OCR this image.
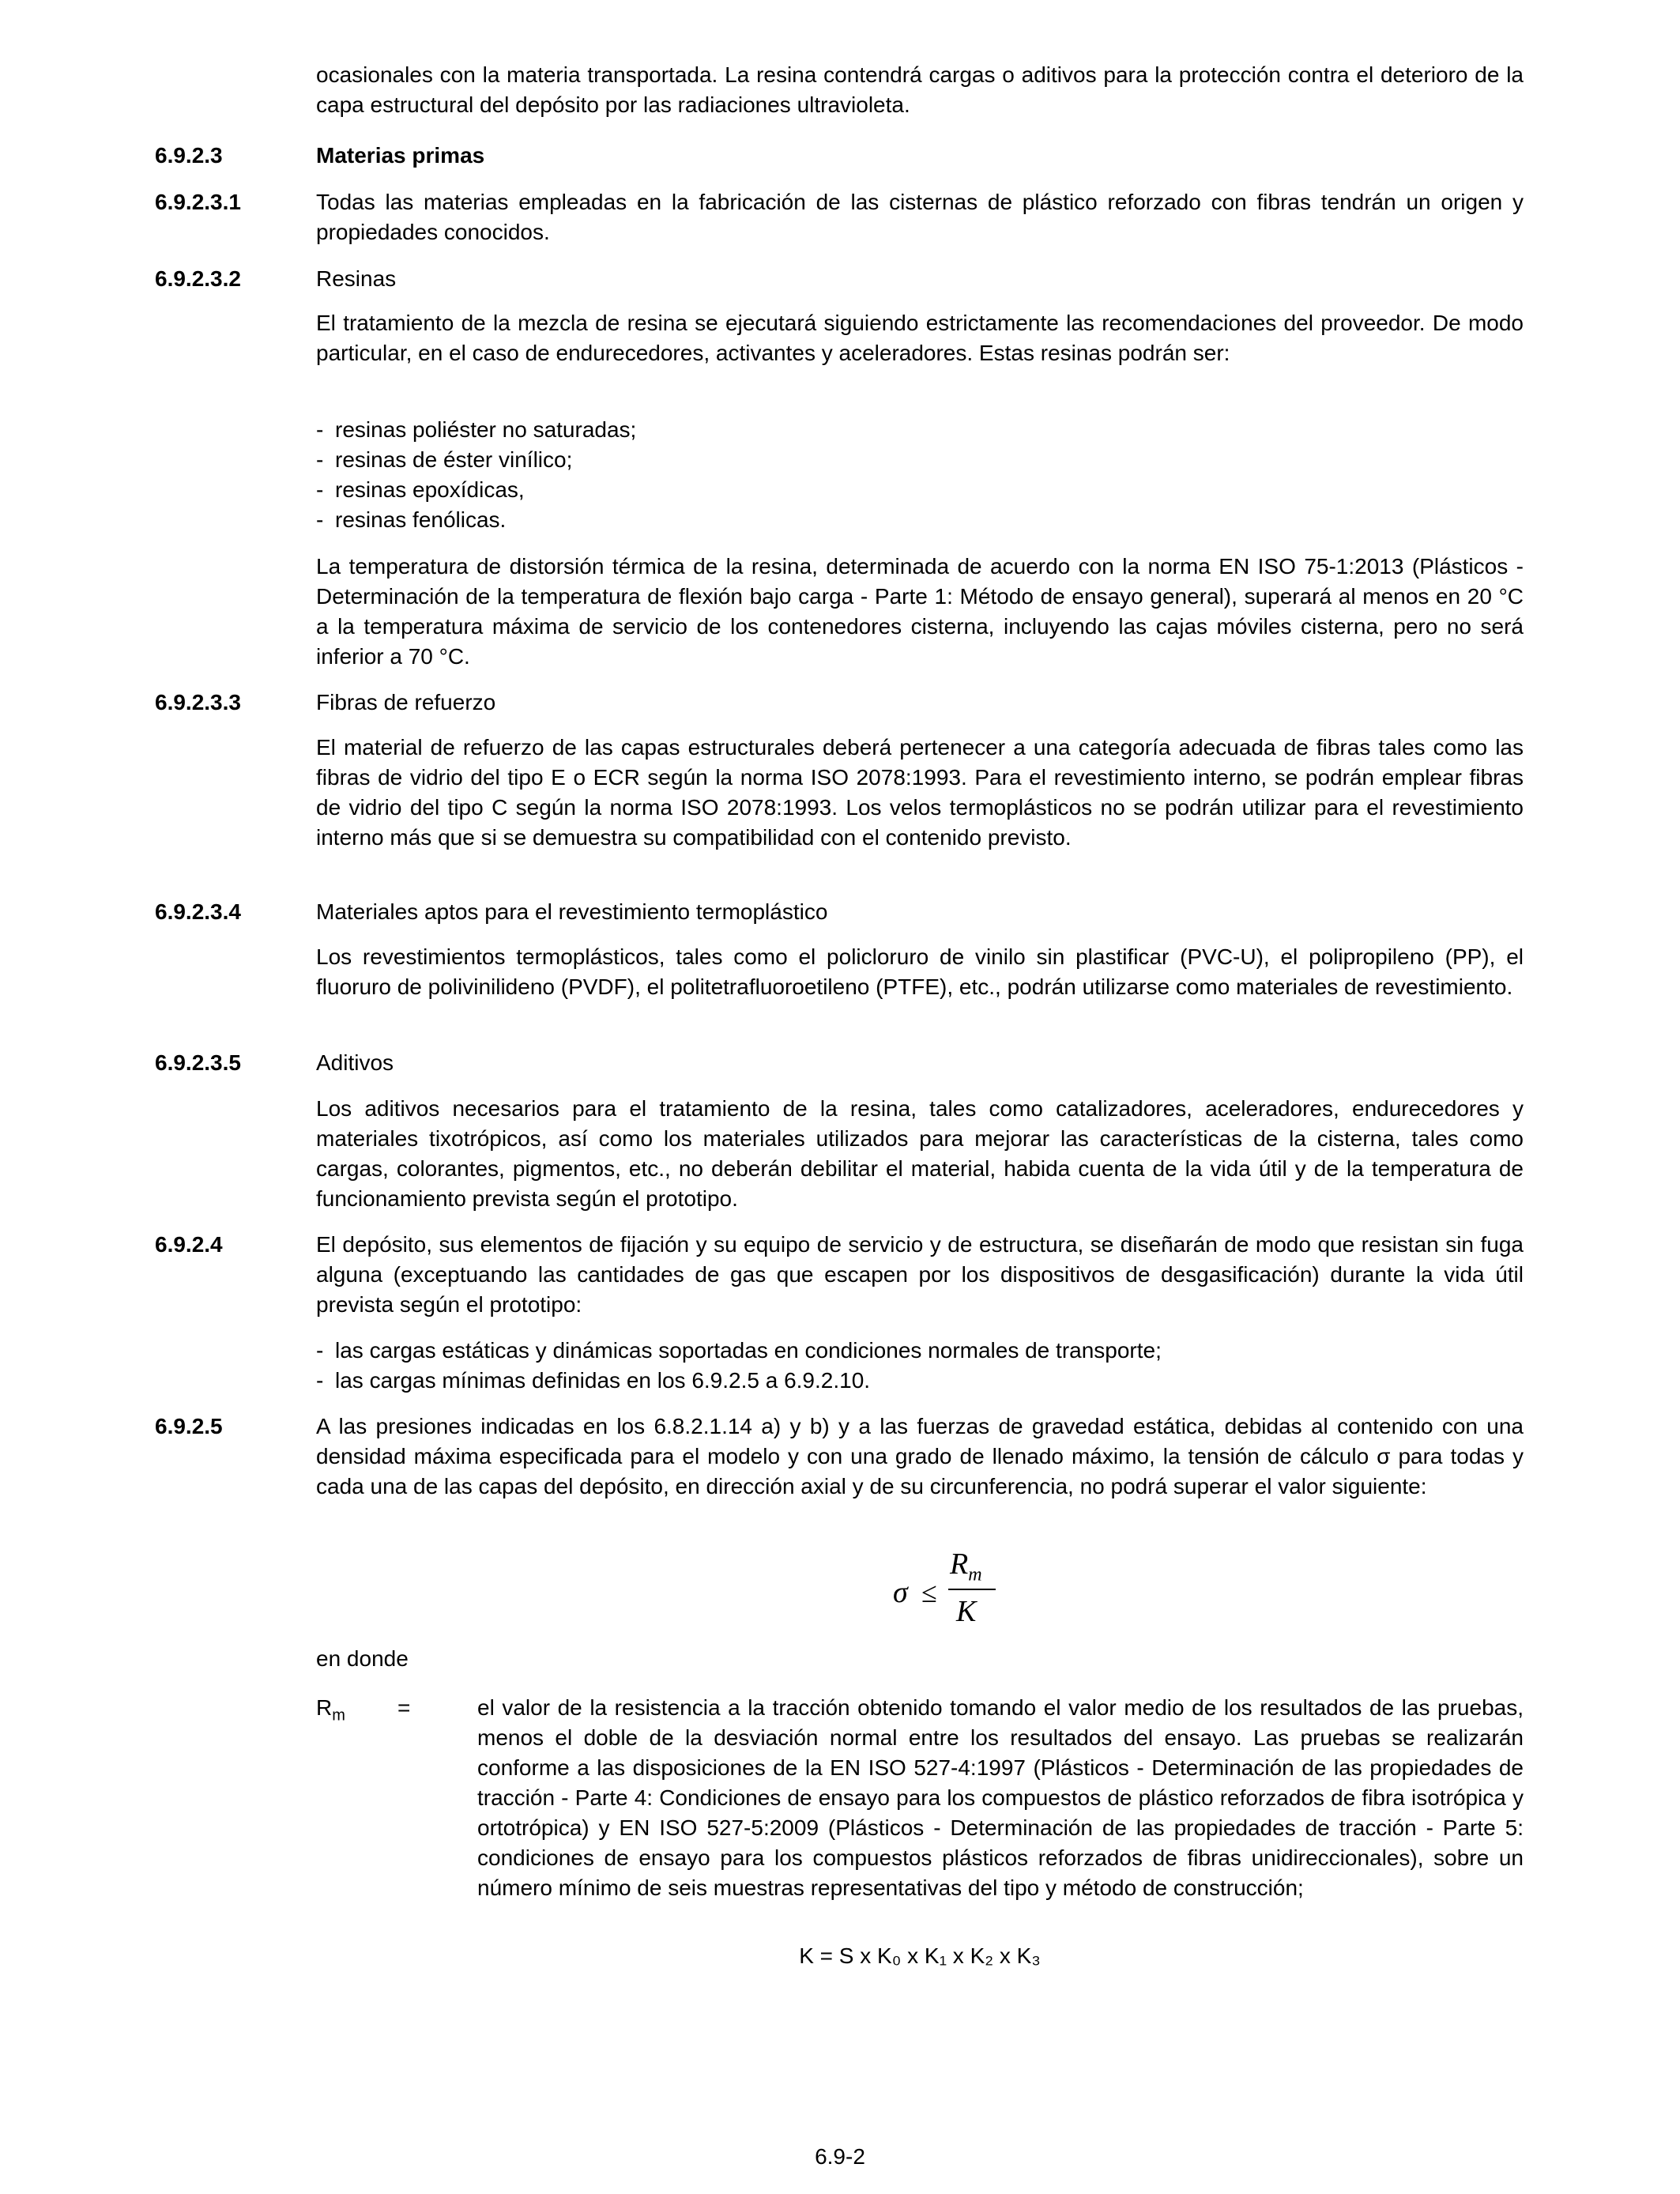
ocasionales con la materia transportada. La resina contendrá cargas o aditivos para la protección contra el deterioro de la capa estructural del depósito por las radiaciones ultravioleta.

6.9.2.3	Materias primas

6.9.2.3.1	Todas las materias empleadas en la fabricación de las cisternas de plástico reforzado con fibras tendrán un origen y propiedades conocidos.

6.9.2.3.2	Resinas

El tratamiento de la mezcla de resina se ejecutará siguiendo estrictamente las recomendaciones del proveedor. De modo particular, en el caso de endurecedores, activantes y aceleradores. Estas resinas podrán ser:

- resinas poliéster no saturadas;
- resinas de éster vinílico;
- resinas epoxídicas,
- resinas fenólicas.

La temperatura de distorsión térmica de la resina, determinada de acuerdo con la norma EN ISO 75-1:2013 (Plásticos - Determinación de la temperatura de flexión bajo carga - Parte 1: Método de ensayo general), superará al menos en 20 °C a la temperatura máxima de servicio de los contenedores cisterna, incluyendo las cajas móviles cisterna, pero no será inferior a 70 °C.

6.9.2.3.3	Fibras de refuerzo

El material de refuerzo de las capas estructurales deberá pertenecer a una categoría adecuada de fibras tales como las fibras de vidrio del tipo E o ECR según la norma ISO 2078:1993. Para el revestimiento interno, se podrán emplear fibras de vidrio del tipo C según la norma ISO 2078:1993. Los velos termoplásticos no se podrán utilizar para el revestimiento interno más que si se demuestra su compatibilidad con el contenido previsto.

6.9.2.3.4	Materiales aptos para el revestimiento termoplástico

Los revestimientos termoplásticos, tales como el policloruro de vinilo sin plastificar (PVC-U), el polipropileno (PP), el fluoruro de polivinilideno (PVDF), el politetrafluoroetileno (PTFE), etc., podrán utilizarse como materiales de revestimiento.

6.9.2.3.5	Aditivos

Los aditivos necesarios para el tratamiento de la resina, tales como catalizadores, aceleradores, endurecedores y materiales tixotrópicos, así como los materiales utilizados para mejorar las características de la cisterna, tales como cargas, colorantes, pigmentos, etc., no deberán debilitar el material, habida cuenta de la vida útil y de la temperatura de funcionamiento prevista según el prototipo.

6.9.2.4	El depósito, sus elementos de fijación y su equipo de servicio y de estructura, se diseñarán de modo que resistan sin fuga alguna (exceptuando las cantidades de gas que escapen por los dispositivos de desgasificación) durante la vida útil prevista según el prototipo:

- las cargas estáticas y dinámicas soportadas en condiciones normales de transporte;
- las cargas mínimas definidas en los 6.9.2.5 a 6.9.2.10.

6.9.2.5	A las presiones indicadas en los 6.8.2.1.14 a) y b) y a las fuerzas de gravedad estática, debidas al contenido con una densidad máxima especificada para el modelo y con una grado de llenado máximo, la tensión de cálculo σ para todas y cada una de las capas del depósito, en dirección axial y de su circunferencia, no podrá superar el valor siguiente:

σ ≤
$R_m$
K

en donde

$R_m$ =	el valor de la resistencia a la tracción obtenido tomando el valor medio de los resultados de las pruebas, menos el doble de la desviación normal entre los resultados del ensayo. Las pruebas se realizarán conforme a las disposiciones de la EN ISO 527-4:1997 (Plásticos - Determinación de las propiedades de tracción - Parte 4: Condiciones de ensayo para los compuestos de plástico reforzados de fibra isotrópica y ortotrópica) y EN ISO 527-5:2009 (Plásticos - Determinación de las propiedades de tracción - Parte 5: condiciones de ensayo para los compuestos plásticos reforzados de fibras unidireccionales), sobre un número mínimo de seis muestras representativas del tipo y método de construcción;

K = S x K₀ x K₁ x K₂ x K₃

6.9-2
